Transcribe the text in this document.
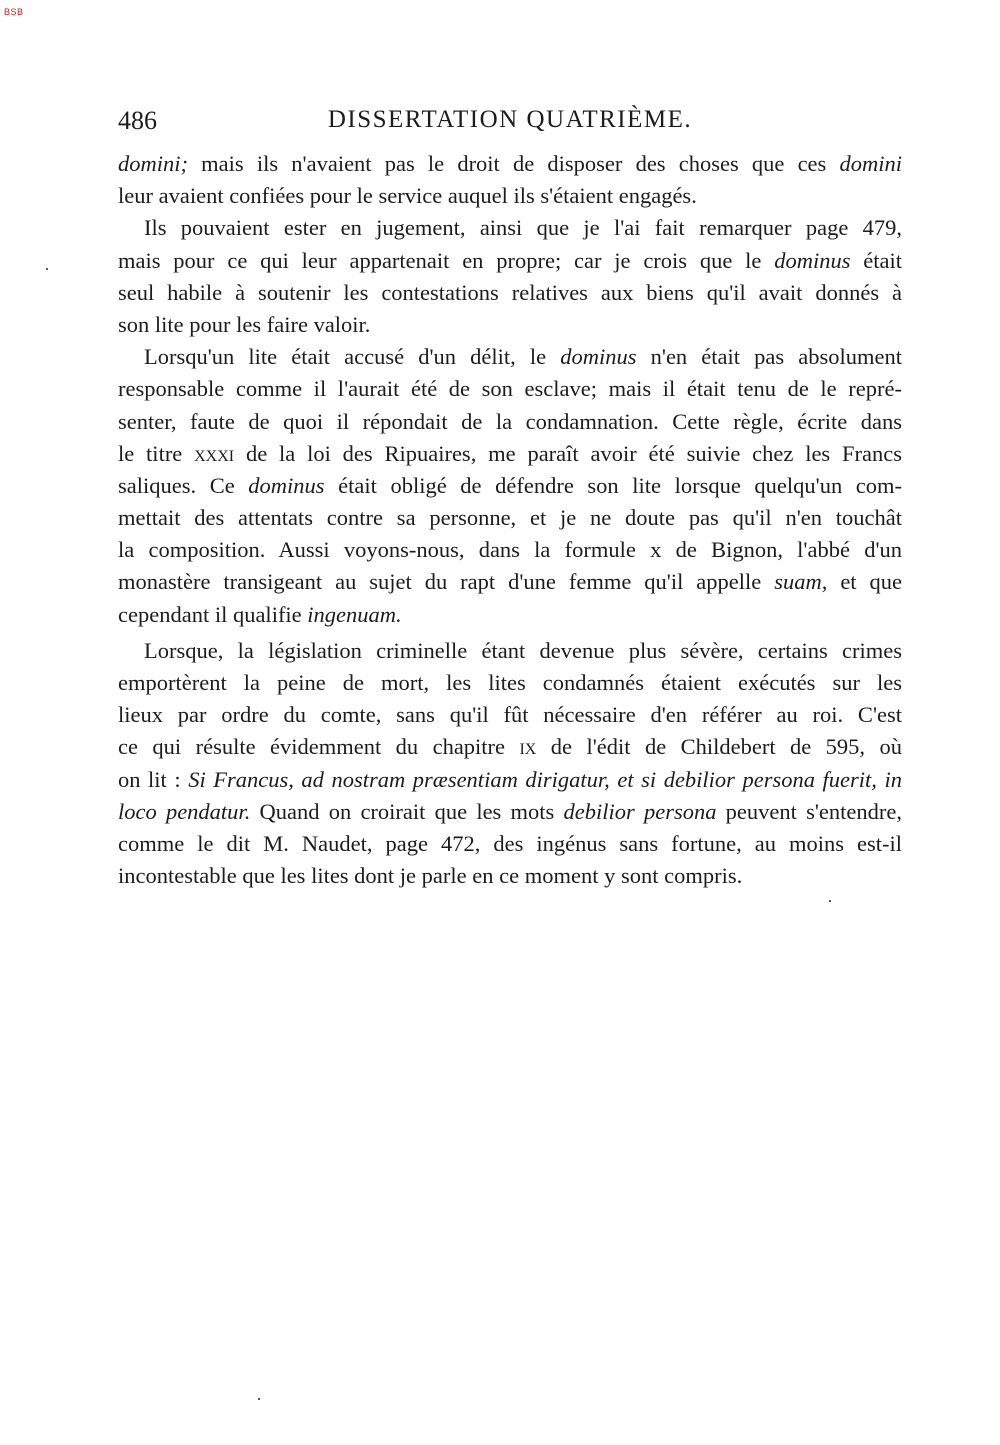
BSB
486	DISSERTATION QUATRIÈME.
domini; mais ils n'avaient pas le droit de disposer des choses que ces domini
leur avaient confiées pour le service auquel ils s'étaient engagés.
Ils pouvaient ester en jugement, ainsi que je l'ai fait remarquer page 479,
mais pour ce qui leur appartenait en propre; car je crois que le dominus était
seul habile à soutenir les contestations relatives aux biens qu'il avait donnés à
son lite pour les faire valoir.
Lorsqu'un lite était accusé d'un délit, le dominus n'en était pas absolument
responsable comme il l'aurait été de son esclave; mais il était tenu de le repré-
senter, faute de quoi il répondait de la condamnation. Cette règle, écrite dans
le titre XXXI de la loi des Ripuaires, me paraît avoir été suivie chez les Francs
saliques. Ce dominus était obligé de défendre son lite lorsque quelqu'un com-
mettait des attentats contre sa personne, et je ne doute pas qu'il n'en touchât
la composition. Aussi voyons-nous, dans la formule x de Bignon, l'abbé d'un
monastère transigeant au sujet du rapt d'une femme qu'il appelle suam, et que
cependant il qualifie ingenuam.
Lorsque, la législation criminelle étant devenue plus sévère, certains crimes
emportèrent la peine de mort, les lites condamnés étaient exécutés sur les
lieux par ordre du comte, sans qu'il fût nécessaire d'en référer au roi. C'est
ce qui résulte évidemment du chapitre IX de l'édit de Childebert de 595, où
on lit : Si Francus, ad nostram præsentiam dirigatur, et si debilior persona fuerit, in
loco pendatur. Quand on croirait que les mots debilior persona peuvent s'entendre,
comme le dit M. Naudet, page 472, des ingénus sans fortune, au moins est-il
incontestable que les lites dont je parle en ce moment y sont compris.
